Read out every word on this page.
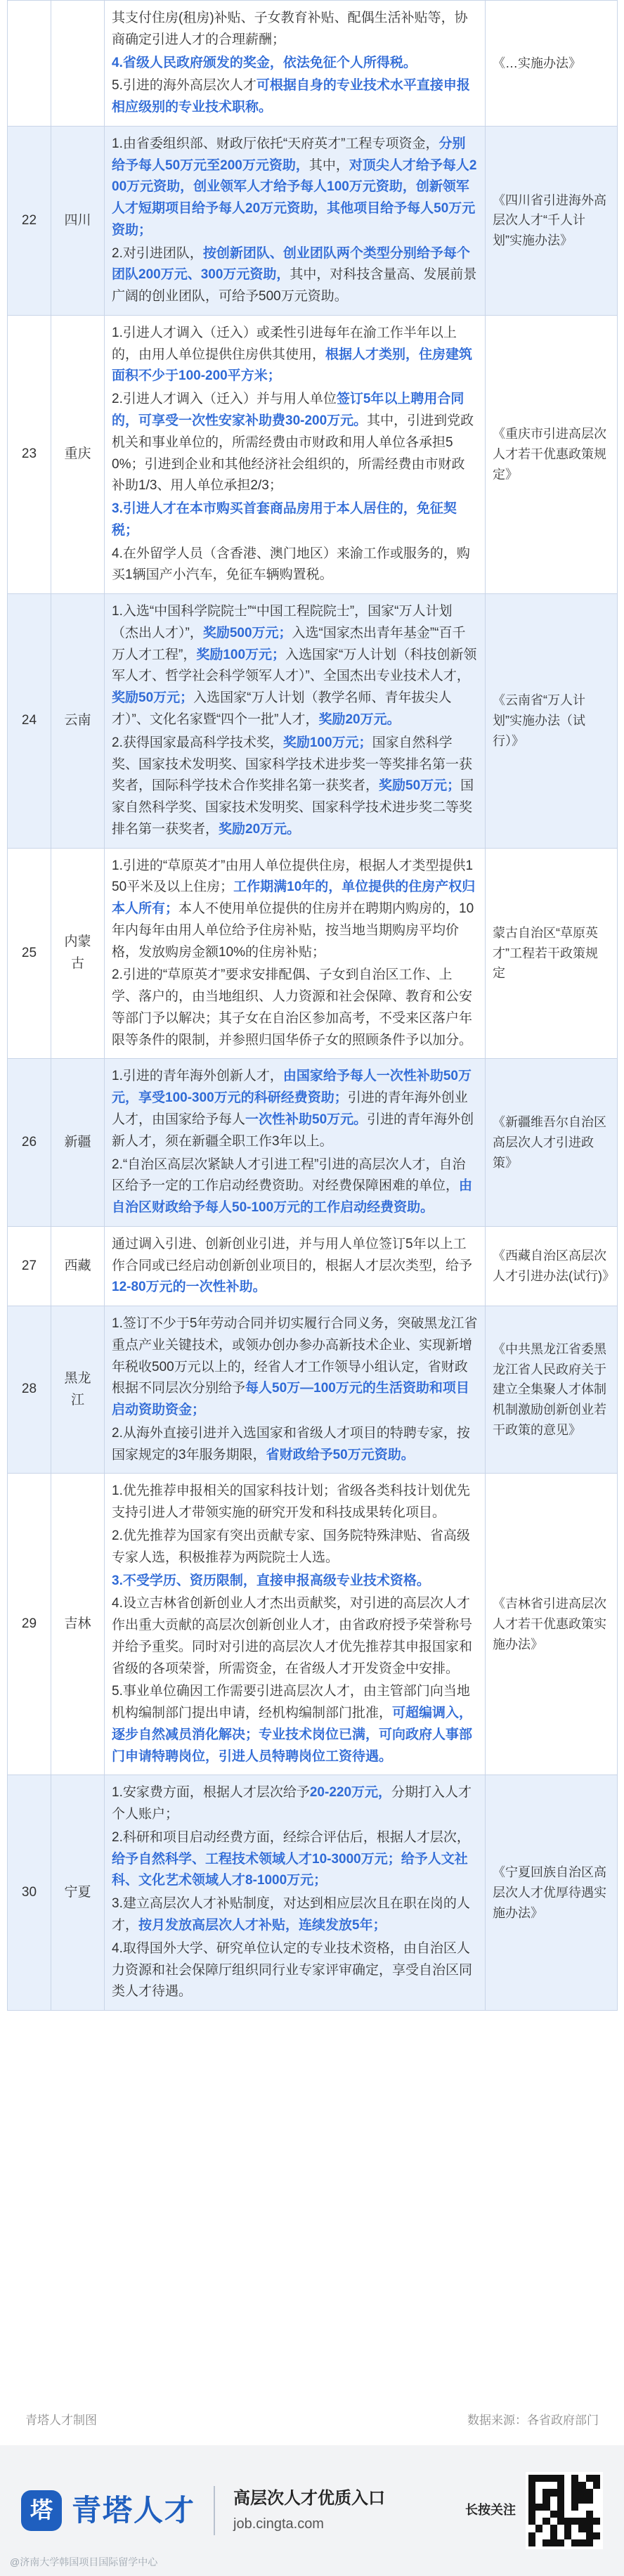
		其支付住房(租房)补贴、子女教育补贴、配偶生活补贴等，协商确定引进人才的合理薪酬；

4.省级人民政府颁发的奖金，依法免征个人所得税。

5.引进的海外高层次人才可根据自身的专业技术水平直接申报相应级别的专业技术职称。	《…实施办法》
22	四川	1.由省委组织部、财政厅依托“天府英才”工程专项资金，分别给予每人50万元至200万元资助，其中，对顶尖人才给予每人200万元资助，创业领军人才给予每人100万元资助，创新领军人才短期项目给予每人20万元资助，其他项目给予每人50万元资助；

2.对引进团队，按创新团队、创业团队两个类型分别给予每个团队200万元、300万元资助，其中，对科技含量高、发展前景广阔的创业团队，可给予500万元资助。	《四川省引进海外高层次人才“千人计划”实施办法》
23	重庆	1.引进人才调入（迁入）或柔性引进每年在渝工作半年以上的，由用人单位提供住房供其使用，根据人才类别，住房建筑面积不少于100-200平方米；

2.引进人才调入（迁入）并与用人单位签订5年以上聘用合同的，可享受一次性安家补助费30-200万元。其中，引进到党政机关和事业单位的，所需经费由市财政和用人单位各承担50%；引进到企业和其他经济社会组织的，所需经费由市财政补助1/3、用人单位承担2/3；

3.引进人才在本市购买首套商品房用于本人居住的，免征契税；

4.在外留学人员（含香港、澳门地区）来渝工作或服务的，购买1辆国产小汽车，免征车辆购置税。	《重庆市引进高层次人才若干优惠政策规定》
24	云南	1.入选“中国科学院院士”“中国工程院院士”，国家“万人计划（杰出人才）”，奖励500万元；入选“国家杰出青年基金”“百千万人才工程”，奖励100万元；入选国家“万人计划（科技创新领军人才、哲学社会科学领军人才）”、全国杰出专业技术人才，奖励50万元；入选国家“万人计划（教学名师、青年拔尖人才）”、文化名家暨“四个一批”人才，奖励20万元。

2.获得国家最高科学技术奖，奖励100万元；国家自然科学奖、国家技术发明奖、国家科学技术进步奖一等奖排名第一获奖者，国际科学技术合作奖排名第一获奖者，奖励50万元；国家自然科学奖、国家技术发明奖、国家科学技术进步奖二等奖排名第一获奖者，奖励20万元。	《云南省“万人计划”实施办法（试行）》
25	内蒙古	1.引进的“草原英才”由用人单位提供住房，根据人才类型提供150平米及以上住房；工作期满10年的，单位提供的住房产权归本人所有；本人不使用单位提供的住房并在聘期内购房的，10年内每年由用人单位给予住房补贴，按当地当期购房平均价格，发放购房金额10%的住房补贴；

2.引进的“草原英才”要求安排配偶、子女到自治区工作、上学、落户的，由当地组织、人力资源和社会保障、教育和公安等部门予以解决；其子女在自治区参加高考，不受来区落户年限等条件的限制，并参照归国华侨子女的照顾条件予以加分。	蒙古自治区“草原英才”工程若干政策规定
26	新疆	1.引进的青年海外创新人才，由国家给予每人一次性补助50万元，享受100-300万元的科研经费资助；引进的青年海外创业人才，由国家给予每人一次性补助50万元。引进的青年海外创新人才，须在新疆全职工作3年以上。

2.“自治区高层次紧缺人才引进工程”引进的高层次人才，自治区给予一定的工作启动经费资助。对经费保障困难的单位，由自治区财政给予每人50-100万元的工作启动经费资助。	《新疆维吾尔自治区高层次人才引进政策》
27	西藏	通过调入引进、创新创业引进，并与用人单位签订5年以上工作合同或已经启动创新创业项目的，根据人才层次类型，给予12-80万元的一次性补助。	《西藏自治区高层次人才引进办法(试行)》
28	黑龙江	1.签订不少于5年劳动合同并切实履行合同义务，突破黑龙江省重点产业关键技术，或领办创办参办高新技术企业、实现新增年税收500万元以上的，经省人才工作领导小组认定，省财政根据不同层次分别给予每人50万—100万元的生活资助和项目启动资助资金；

2.从海外直接引进并入选国家和省级人才项目的特聘专家，按国家规定的3年服务期限，省财政给予50万元资助。	《中共黑龙江省委黑龙江省人民政府关于建立全集聚人才体制机制激励创新创业若干政策的意见》
29	吉林	1.优先推荐申报相关的国家科技计划；省级各类科技计划优先支持引进人才带领实施的研究开发和科技成果转化项目。

2.优先推荐为国家有突出贡献专家、国务院特殊津贴、省高级专家人选，积极推荐为两院院士人选。

3.不受学历、资历限制，直接申报高级专业技术资格。

4.设立吉林省创新创业人才杰出贡献奖，对引进的高层次人才作出重大贡献的高层次创新创业人才，由省政府授予荣誉称号并给予重奖。同时对引进的高层次人才优先推荐其申报国家和省级的各项荣誉，所需资金，在省级人才开发资金中安排。

5.事业单位确因工作需要引进高层次人才，由主管部门向当地机构编制部门提出申请，经机构编制部门批准，可超编调入，逐步自然减员消化解决；专业技术岗位已满，可向政府人事部门申请特聘岗位，引进人员特聘岗位工资待遇。	《吉林省引进高层次人才若干优惠政策实施办法》
30	宁夏	1.安家费方面，根据人才层次给予20-220万元，分期打入人才个人账户；

2.科研和项目启动经费方面，经综合评估后，根据人才层次，给予自然科学、工程技术领域人才10-3000万元；给予人文社科、文化艺术领域人才8-1000万元；

3.建立高层次人才补贴制度，对达到相应层次且在职在岗的人才，按月发放高层次人才补贴，连续发放5年；

4.取得国外大学、研究单位认定的专业技术资格，由自治区人力资源和社会保障厅组织同行业专家评审确定，享受自治区同类人才待遇。	《宁夏回族自治区高层次人才优厚待遇实施办法》
青塔人才制图	数据来源：各省政府部门
塔 青塔人才 高层次人才优质入口
job.cingta.com
长按关注
@济南大学韩国项目国际留学中心
